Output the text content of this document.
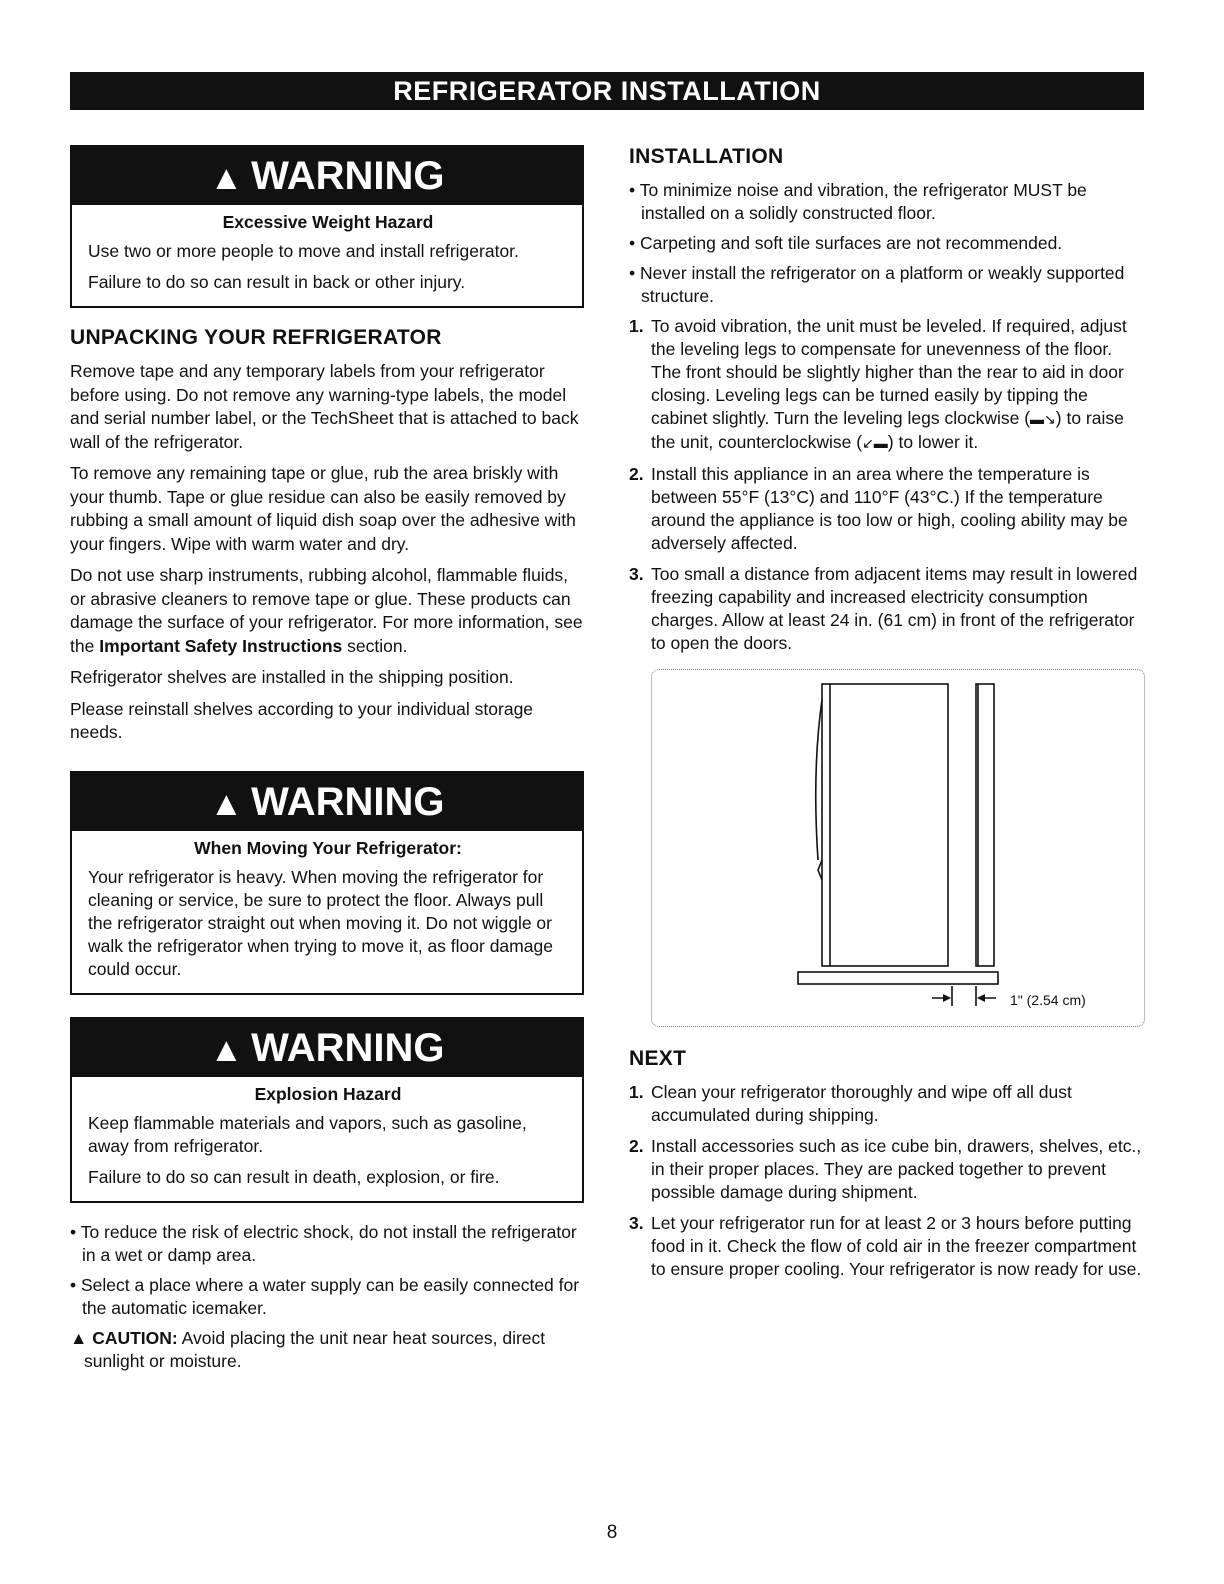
REFRIGERATOR INSTALLATION
▲ WARNING
Excessive Weight Hazard

Use two or more people to move and install refrigerator.

Failure to do so can result in back or other injury.

UNPACKING YOUR REFRIGERATOR

Remove tape and any temporary labels from your refrigerator before using. Do not remove any warning-type labels, the model and serial number label, or the TechSheet that is attached to back wall of the refrigerator.

To remove any remaining tape or glue, rub the area briskly with your thumb. Tape or glue residue can also be easily removed by rubbing a small amount of liquid dish soap over the adhesive with your fingers. Wipe with warm water and dry.

Do not use sharp instruments, rubbing alcohol, flammable fluids, or abrasive cleaners to remove tape or glue. These products can damage the surface of your refrigerator. For more information, see the Important Safety Instructions section.

Refrigerator shelves are installed in the shipping position.

Please reinstall shelves according to your individual storage needs.

▲ WARNING
When Moving Your Refrigerator:

Your refrigerator is heavy. When moving the refrigerator for cleaning or service, be sure to protect the floor. Always pull the refrigerator straight out when moving it. Do not wiggle or walk the refrigerator when trying to move it, as floor damage could occur.

▲ WARNING
Explosion Hazard

Keep flammable materials and vapors, such as gasoline, away from refrigerator.

Failure to do so can result in death, explosion, or fire.

• To reduce the risk of electric shock, do not install the refrigerator in a wet or damp area.
• Select a place where a water supply can be easily connected for the automatic icemaker.

▲ CAUTION: Avoid placing the unit near heat sources, direct sunlight or moisture.

INSTALLATION
• To minimize noise and vibration, the refrigerator MUST be installed on a solidly constructed floor.
• Carpeting and soft tile surfaces are not recommended.
• Never install the refrigerator on a platform or weakly supported structure.
1. To avoid vibration, the unit must be leveled. If required, adjust the leveling legs to compensate for unevenness of the floor. The front should be slightly higher than the rear to aid in door closing. Leveling legs can be turned easily by tipping the cabinet slightly. Turn the leveling legs clockwise (▬↘) to raise the unit, counterclockwise (↙▬) to lower it.
2. Install this appliance in an area where the temperature is between 55°F (13°C) and 110°F (43°C.) If the temperature around the appliance is too low or high, cooling ability may be adversely affected.
3. Too small a distance from adjacent items may result in lowered freezing capability and increased electricity consumption charges. Allow at least 24 in. (61 cm) in front of the refrigerator to open the doors.
1" (2.54 cm)
NEXT
1. Clean your refrigerator thoroughly and wipe off all dust accumulated during shipping.
2. Install accessories such as ice cube bin, drawers, shelves, etc., in their proper places. They are packed together to prevent possible damage during shipment.
3. Let your refrigerator run for at least 2 or 3 hours before putting food in it. Check the flow of cold air in the freezer compartment to ensure proper cooling. Your refrigerator is now ready for use.
8
